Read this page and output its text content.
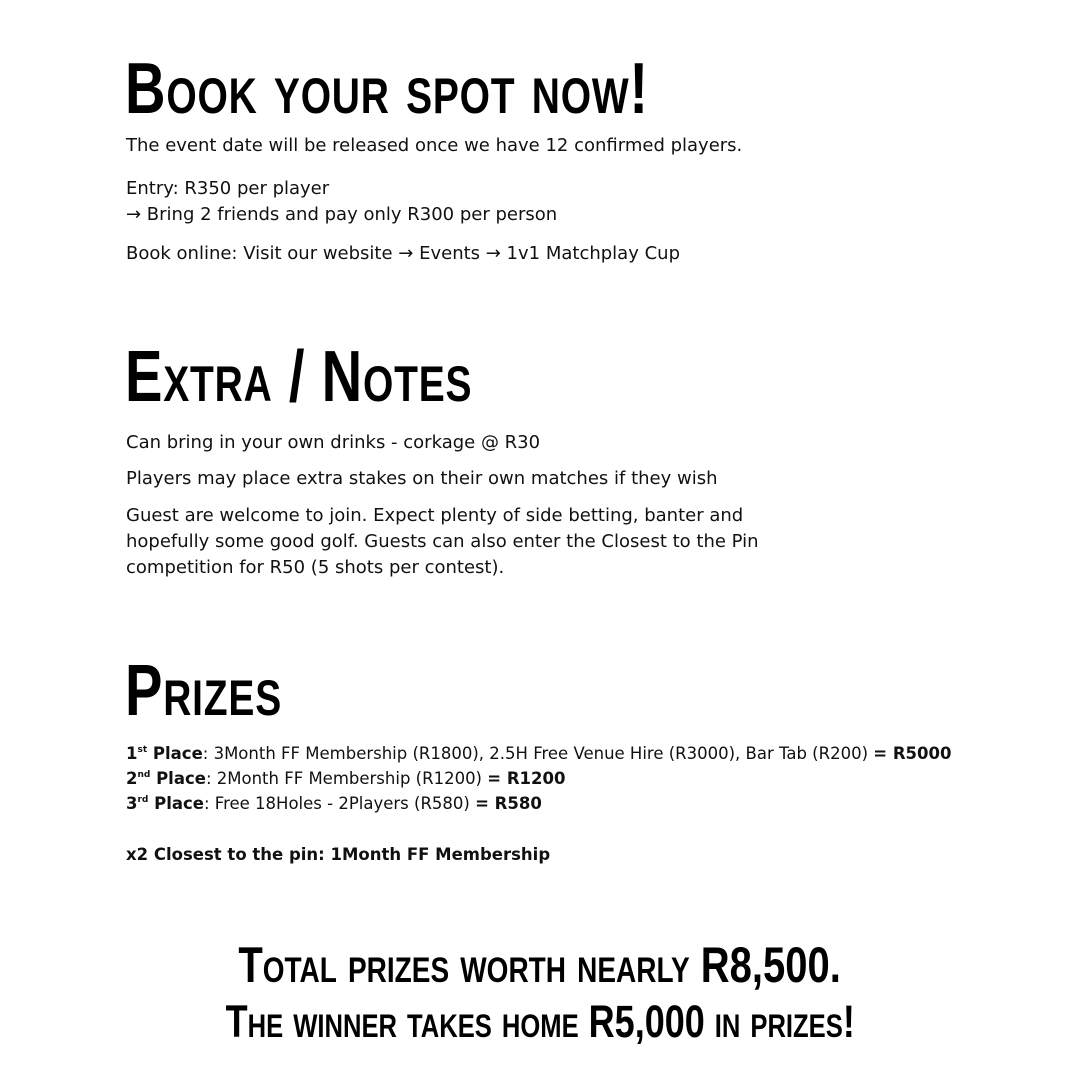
Book your spot now!

The event date will be released once we have 12 confirmed players.

Entry: R350 per player

→ Bring 2 friends and pay only R300 per person

Book online: Visit our website → Events → 1v1 Matchplay Cup

Extra / Notes

Can bring in your own drinks - corkage @ R30

Players may place extra stakes on their own matches if they wish

Guest are welcome to join. Expect plenty of side betting, banter and
hopefully some good golf. Guests can also enter the Closest to the Pin
competition for R50 (5 shots per contest).

Prizes

1st Place: 3Month FF Membership (R1800), 2.5H Free Venue Hire (R3000), Bar Tab (R200) = R5000

2nd Place: 2Month FF Membership (R1200) = R1200

3rd Place: Free 18Holes - 2Players (R580) = R580

x2 Closest to the pin: 1Month FF Membership

Total prizes worth nearly R8,500.

The winner takes home R5,000 in prizes!
